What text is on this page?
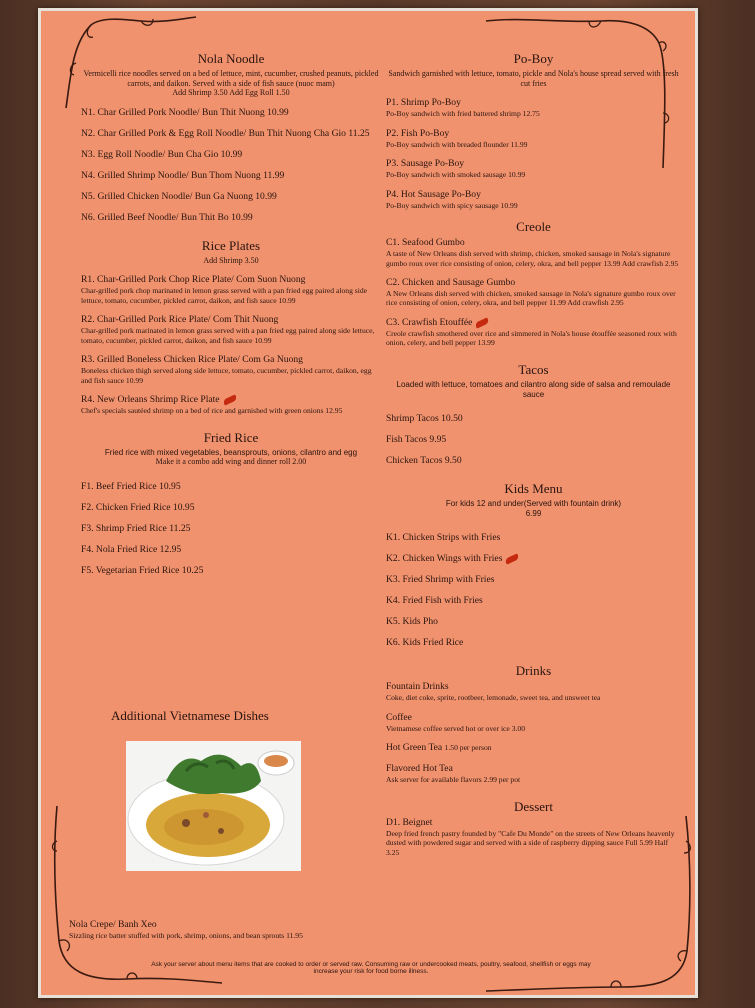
Nola Noodle

Vermicelli rice noodles served on a bed of lettuce, mint, cucumber, crushed peanuts, pickled carrots, and daikon. Served with a side of fish sauce (nuoc mam)

Add Shrimp 3.50 Add Egg Roll 1.50

N1. Char Grilled Pork Noodle/ Bun Thit Nuong 10.99

N2. Char Grilled Pork & Egg Roll Noodle/ Bun Thit Nuong Cha Gio 11.25

N3. Egg Roll Noodle/ Bun Cha Gio 10.99

N4. Grilled Shrimp Noodle/ Bun Thom Nuong 11.99

N5. Grilled Chicken Noodle/ Bun Ga Nuong 10.99

N6. Grilled Beef Noodle/ Bun Thit Bo 10.99

Rice Plates

Add Shrimp 3.50

R1. Char-Grilled Pork Chop Rice Plate/ Com Suon Nuong

Char-grilled pork chop marinated in lemon grass served with a pan fried egg paired along side lettuce, tomato, cucumber, pickled carrot, daikon, and fish sauce 10.99

R2. Char-Grilled Pork Rice Plate/ Com Thit Nuong

Char-grilled pork marinated in lemon grass served with a pan fried egg paired along side lettuce, tomato, cucumber, pickled carrot, daikon, and fish sauce 10.99

R3. Grilled Boneless Chicken Rice Plate/ Com Ga Nuong

Boneless chicken thigh served along side lettuce, tomato, cucumber, pickled carrot, daikon, egg and fish sauce 10.99

R4. New Orleans Shrimp Rice Plate

Chef's specials sautéed shrimp on a bed of rice and garnished with green onions 12.95

Fried Rice

Fried rice with mixed vegetables, beansprouts, onions, cilantro and egg

Make it a combo add wing and dinner roll 2.00

F1. Beef Fried Rice 10.95

F2. Chicken Fried Rice 10.95

F3. Shrimp Fried Rice 11.25

F4. Nola Fried Rice 12.95

F5. Vegetarian Fried Rice 10.25

Additional Vietnamese Dishes

Nola Crepe/ Banh Xeo

Sizzling rice batter stuffed with pork, shrimp, onions, and bean sprouts 11.95

Po-Boy

Sandwich garnished with lettuce, tomato, pickle and Nola's house spread served with fresh cut fries

P1. Shrimp Po-Boy

Po-Boy sandwich with fried battered shrimp 12.75

P2. Fish Po-Boy

Po-Boy sandwich with breaded flounder 11.99

P3. Sausage Po-Boy

Po-Boy sandwich with smoked sausage 10.99

P4. Hot Sausage Po-Boy

Po-Boy sandwich with spicy sausage 10.99

Creole

C1. Seafood Gumbo

A taste of New Orleans dish served with shrimp, chicken, smoked sausage in Nola's signature gumbo roux over rice consisting of onion, celery, okra, and bell pepper 13.99 Add crawfish 2.95

C2. Chicken and Sausage Gumbo

A New Orleans dish served with chicken, smoked sausage in Nola's signature gumbo roux over rice consisting of onion, celery, okra, and bell pepper 11.99 Add crawfish 2.95

C3. Crawfish Etouffée

Creole crawfish smothered over rice and simmered in Nola's house étouffée seasoned roux with onion, celery, and bell pepper 13.99

Tacos

Loaded with lettuce, tomatoes and cilantro along side of salsa and remoulade sauce

Shrimp Tacos 10.50

Fish Tacos 9.95

Chicken Tacos 9.50

Kids Menu

For kids 12 and under(Served with fountain drink)

6.99

K1. Chicken Strips with Fries

K2. Chicken Wings with Fries

K3. Fried Shrimp with Fries

K4. Fried Fish with Fries

K5. Kids Pho

K6. Kids Fried Rice

Drinks

Fountain Drinks

Coke, diet coke, sprite, rootbeer, lemonade, sweet tea, and unsweet tea

Coffee

Vietnamese coffee served hot or over ice 3.00

Hot Green Tea 1.50 per person

Flavored Hot Tea

Ask server for available flavors 2.99 per pot

Dessert

D1. Beignet

Deep fried french pastry founded by "Cafe Du Monde" on the streets of New Orleans heavenly dusted with powdered sugar and served with a side of raspberry dipping sauce Full 5.99 Half 3.25

Ask your server about menu items that are cooked to order or served raw. Consuming raw or undercooked meats, poultry, seafood, shellfish or eggs may increase your risk for food borne illness.
